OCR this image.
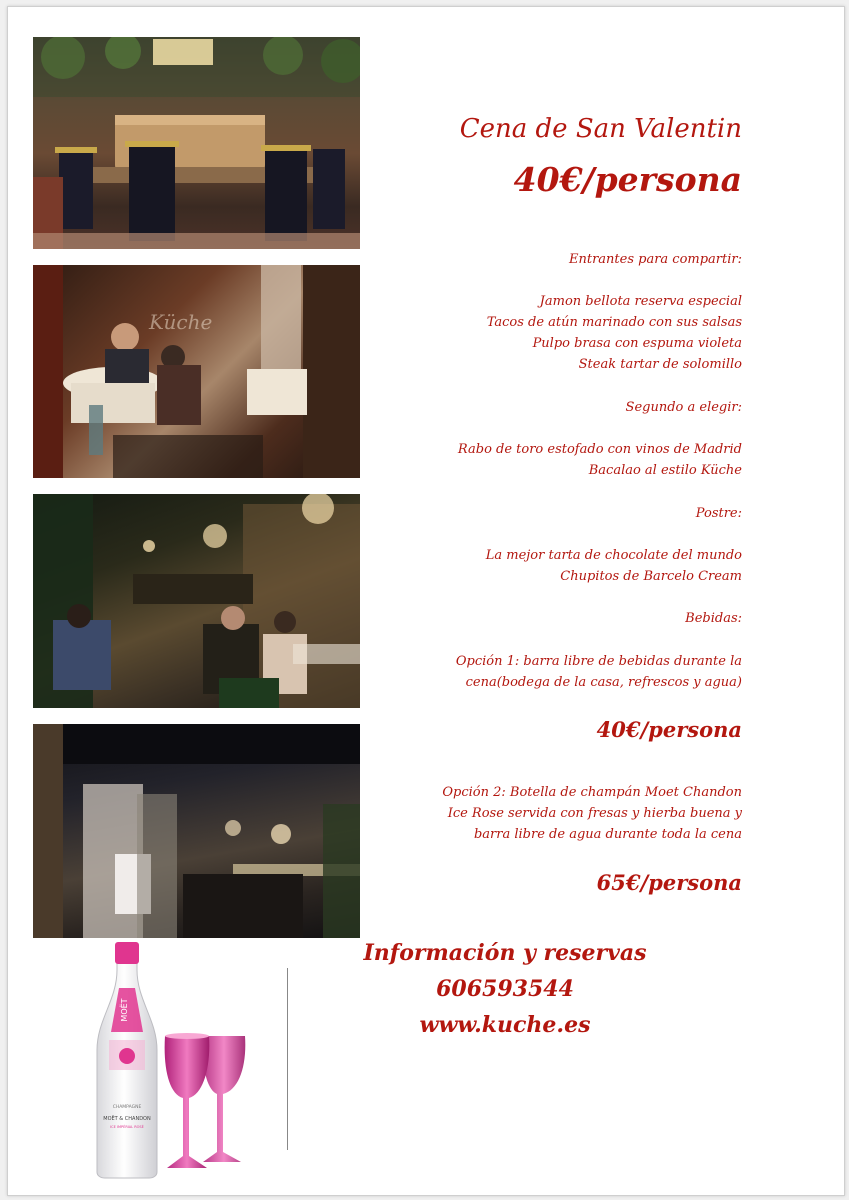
Küche
Cena de San Valentin
40€/persona
Entrantes para compartir:
Jamon bellota reserva especial
Tacos de atún marinado con sus salsas
Pulpo brasa con espuma violeta
Steak tartar de solomillo
Segundo a elegir:
Rabo de toro estofado con vinos de Madrid
Bacalao al estilo Küche
Postre:
La mejor tarta de chocolate del mundo
Chupitos de Barcelo Cream
Bebidas:
Opción 1: barra libre de bebidas durante la
cena(bodega de la casa, refrescos y agua)
40€/persona
Opción 2: Botella de champán Moet Chandon
Ice Rose servida con fresas y hierba buena y
barra libre de agua durante toda la cena
65€/persona
Información y reservas
606593544
www.kuche.es
MOËT
CHAMPAGNE
MOËT & CHANDON
ICE IMPÉRIAL ROSÉ
